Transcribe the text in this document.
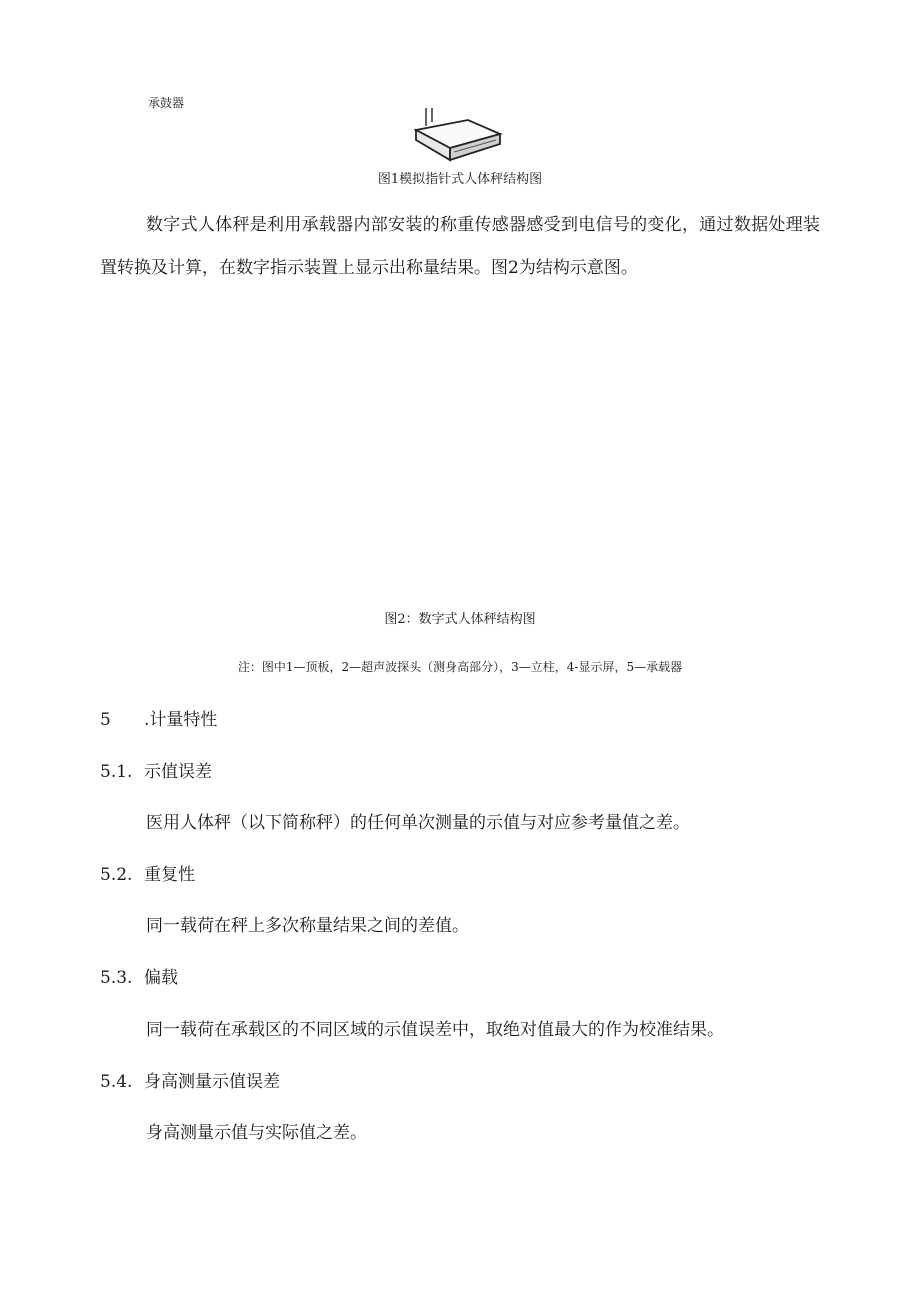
承鼓器
图1模拟指针式人体秤结构图
数字式人体秤是利用承载器内部安装的称重传感器感受到电信号的变化，通过数据处理装置转换及计算，在数字指示装置上显示出称量结果。图2为结构示意图。
图2：数字式人体秤结构图
注：图中1—顶板，2—超声波探头（测身高部分），3—立柱，4-显示屏，5—承载器
5 .计量特性
5.1. 示值误差
医用人体秤（以下简称秤）的任何单次测量的示值与对应参考量值之差。
5.2. 重复性
同一载荷在秤上多次称量结果之间的差值。
5.3. 偏载
同一载荷在承载区的不同区域的示值误差中，取绝对值最大的作为校准结果。
5.4. 身高测量示值误差
身高测量示值与实际值之差。
